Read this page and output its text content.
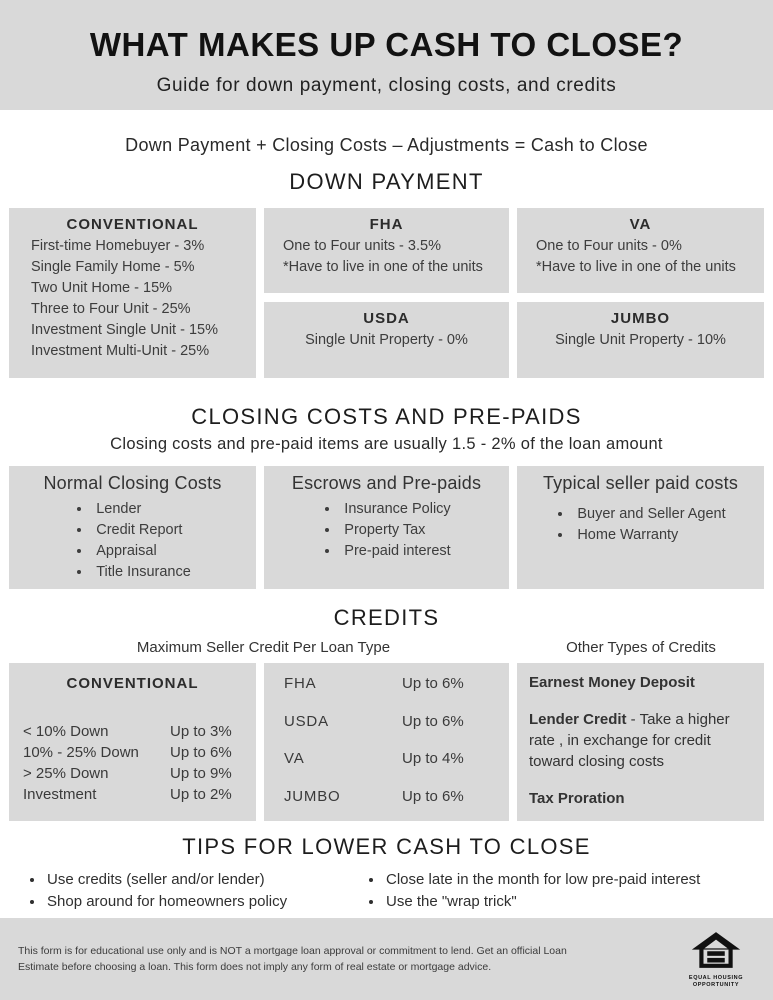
WHAT MAKES UP CASH TO CLOSE?

Guide for down payment, closing costs, and credits

Down Payment + Closing Costs – Adjustments = Cash to Close
DOWN PAYMENT
CONVENTIONAL
First-time Homebuyer - 3%
Single Family Home - 5%
Two Unit Home - 15%
Three to Four Unit - 25%
Investment Single Unit - 15%
Investment Multi-Unit - 25%
FHA
One to Four units - 3.5%
*Have to live in one of the units
VA
One to Four units - 0%
*Have to live in one of the units
USDA
Single Unit Property - 0%
JUMBO
Single Unit Property - 10%
CLOSING COSTS AND PRE-PAIDS
Closing costs and pre-paid items are usually 1.5 - 2% of the loan amount
Normal Closing Costs
• Lender
• Credit Report
• Appraisal
• Title Insurance
Escrows and Pre-paids
• Insurance Policy
• Property Tax
• Pre-paid interest
Typical seller paid costs
• Buyer and Seller Agent
• Home Warranty
CREDITS
Maximum Seller Credit Per Loan Type	Other Types of Credits
CONVENTIONAL
< 10% Down	Up to 3%
10% - 25% Down Up to 6%
> 25% Down	Up to 9%
Investment	Up to 2%
FHA	Up to 6%
USDA	Up to 6%
VA	Up to 4%
JUMBO	Up to 6%

Earnest Money Deposit

Lender Credit - Take a higher rate , in exchange for credit toward closing costs

Tax Proration

TIPS FOR LOWER CASH TO CLOSE
• Use credits (seller and/or lender)
• Shop around for homeowners policy
• Close late in the month for low pre-paid interest
• Use the "wrap trick"

This form is for educational use only and is NOT a mortgage loan approval or commitment to lend. Get an official Loan Estimate before choosing a loan. This form does not imply any form of real estate or mortgage advice.

EQUAL HOUSING
OPPORTUNITY
